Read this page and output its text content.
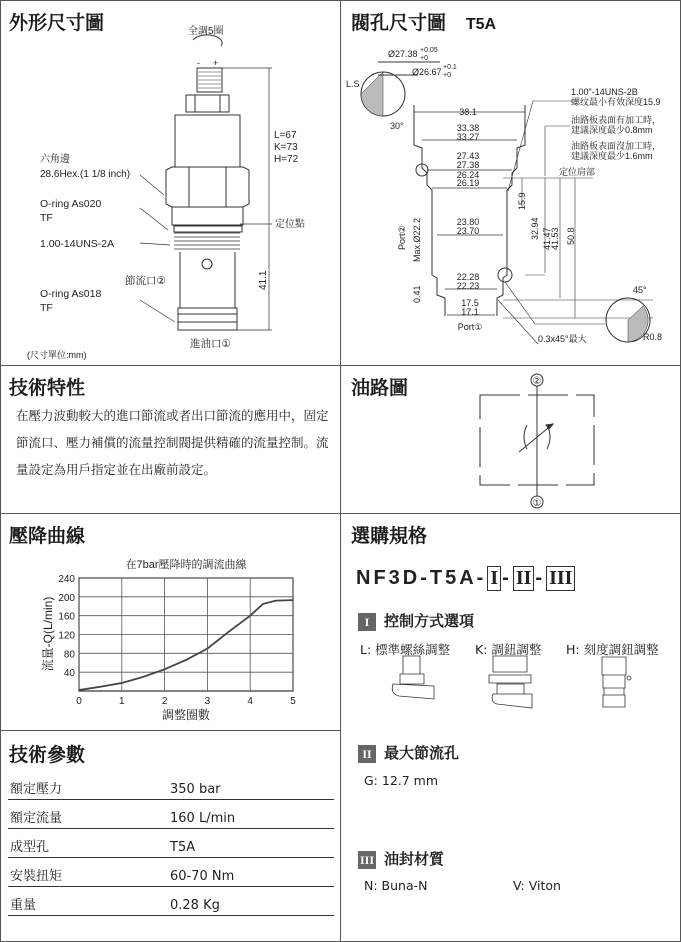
外形尺寸圖	閥孔尺寸圖 T5A
技術特性	油路圖
壓降曲線
技術參數
選購規格
在壓力波動較大的進口節流或者出口節流的應用中，固定節流口、壓力補償的流量控制閥提供精確的流量控制。流量設定為用戶指定並在出廠前設定。
全調5圈
- +
L=67
K=73
H=72
六角邊
28.6Hex.(1 1/8 inch)
O-ring As020
TF
1.00-14UNS-2A
節流口②
O-ring As018
TF
41.1
定位點
進油口①
(尺寸單位:mm)
Ø27.38 +0.05
+0
Ø26.67 +0.1
+0
L.S
30°
38.1
33.38
33.27
27.43
27.38
26.24
26.19
23.80
23.70
22.28
22.23
17.5
17.1
Port①
Port② Max.Ø22.2
0.41
15.9
32.94 41.47
41.53 50.8
1.00"-14UNS-2B
螺纹最小有效深度15.9
油路板表面有加工時，
建議深度最少0.8mm
油路板表面沒加工時，
建議深度最少1.6mm
定位肩部
45°
R0.8
0.3x45°最大
②
①
0	1	2	3	4	5
40
80
120
160
200
240
在7bar壓降時的調流曲線
調整圈數
流量-Q(L/min)
額定壓力	350 bar
額定流量	160 L/min
成型孔	T5A
安裝扭矩	60-70 Nm
重量	0.28 Kg
NF3D-T5A- I - II - III
I 控制方式選項
L: 標準螺絲調整 K: 調鈕調整 H: 刻度調鈕調整
II 最大節流孔
G: 12.7 mm
III 油封材質
N: Buna-N	V: Viton
